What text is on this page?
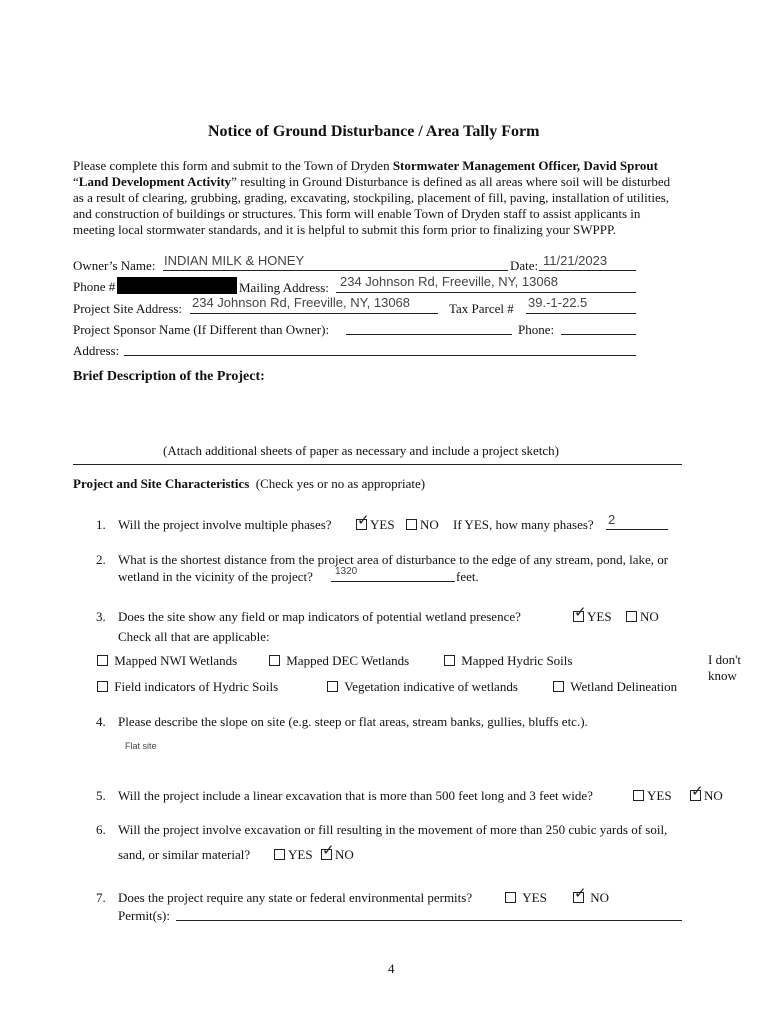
Notice of Ground Disturbance / Area Tally Form
Please complete this form and submit to the Town of Dryden Stormwater Management Officer, David Sprout
“Land Development Activity” resulting in Ground Disturbance is defined as all areas where soil will be disturbed
as a result of clearing, grubbing, grading, excavating, stockpiling, placement of fill, paving, installation of utilities,
and construction of buildings or structures. This form will enable Town of Dryden staff to assist applicants in
meeting local stormwater standards, and it is helpful to submit this form prior to finalizing your SWPPP.
Owner’s Name: INDIAN MILK & HONEY	Date: 11/21/2023
Phone #	Mailing Address: 234 Johnson Rd, Freeville, NY, 13068
Project Site Address: 234 Johnson Rd, Freeville, NY, 13068	Tax Parcel # 39.-1-22.5
Project Sponsor Name (If Different than Owner):	Phone:
Address:
Brief Description of the Project:
(Attach additional sheets of paper as necessary and include a project sketch)
Project and Site Characteristics (Check yes or no as appropriate)
1. Will the project involve multiple phases? ✓	YES	NO If YES, how many phases? 2
2. What is the shortest distance from the project area of disturbance to the edge of any stream, pond, lake, or
wetland in the vicinity of the project? 1320	feet.
3. Does the site show any field or map indicators of potential wetland presence? ✓	YES	NO
Check all that are applicable:
Mapped NWI Wetlands	Mapped DEC Wetlands	Mapped Hydric Soils
Field indicators of Hydric Soils	Vegetation indicative of wetlands	Wetland Delineation
I don't
know
4. Please describe the slope on site (e.g. steep or flat areas, stream banks, gullies, bluffs etc.).
Flat site
5. Will the project include a linear excavation that is more than 500 feet long and 3 feet wide?	YES ✓	NO
6. Will the project involve excavation or fill resulting in the movement of more than 250 cubic yards of soil,
sand, or similar material?	YES ✓	NO
7. Does the project require any state or federal environmental permits?	YES ✓	NO
Permit(s):
4
